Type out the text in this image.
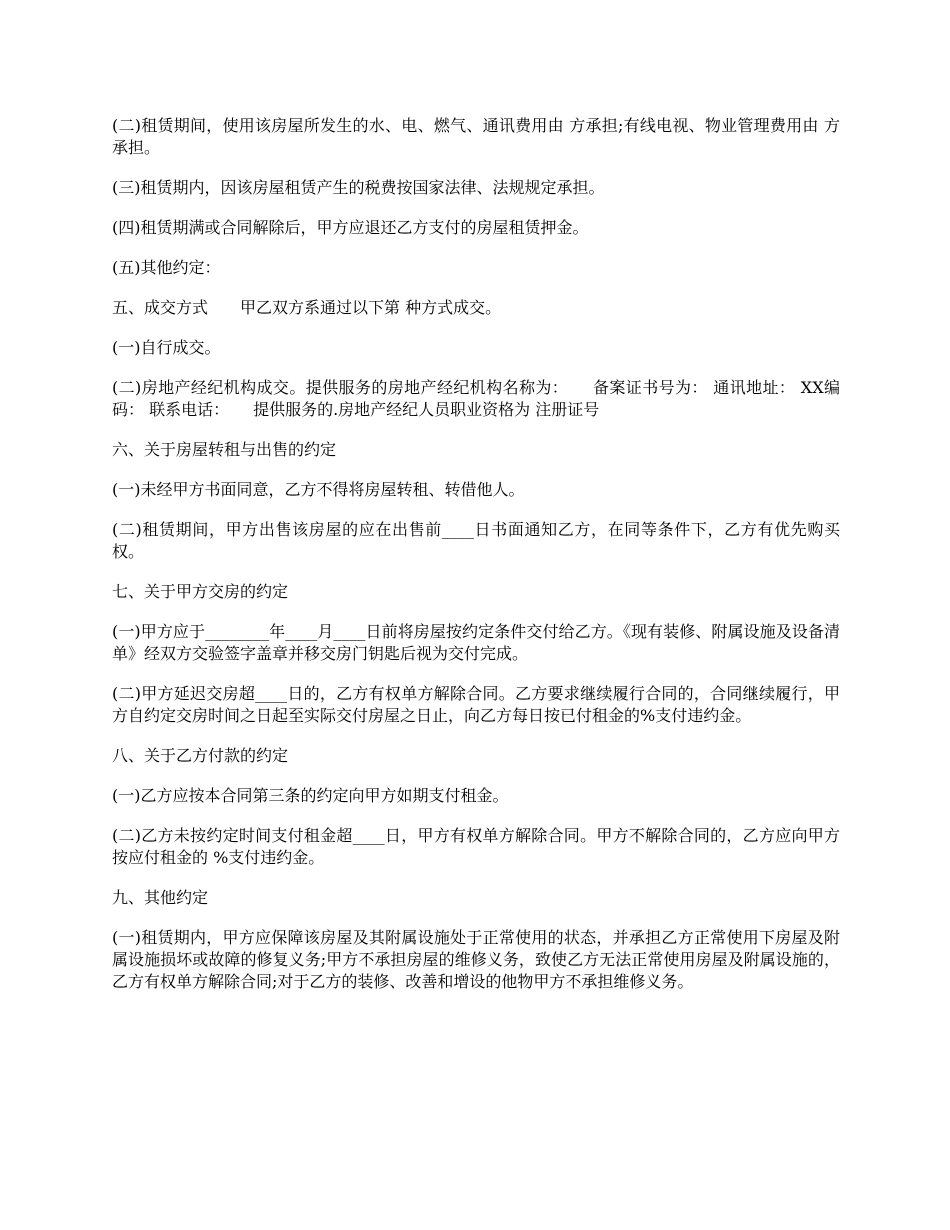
(二)租赁期间，使用该房屋所发生的水、电、燃气、通讯费用由 方承担;有线电视、物业管理费用由 方承担。

(三)租赁期内，因该房屋租赁产生的税费按国家法律、法规规定承担。

(四)租赁期满或合同解除后，甲方应退还乙方支付的房屋租赁押金。

(五)其他约定：

五、成交方式　　甲乙双方系通过以下第 种方式成交。

(一)自行成交。

(二)房地产经纪机构成交。提供服务的房地产经纪机构名称为：　　备案证书号为： 通讯地址： XX编码： 联系电话：　　提供服务的.房地产经纪人员职业资格为 注册证号

六、关于房屋转租与出售的约定

(一)未经甲方书面同意，乙方不得将房屋转租、转借他人。

(二)租赁期间，甲方出售该房屋的应在出售前____日书面通知乙方，在同等条件下，乙方有优先购买权。

七、关于甲方交房的约定

(一)甲方应于________年____月____日前将房屋按约定条件交付给乙方。《现有装修、附属设施及设备清单》经双方交验签字盖章并移交房门钥匙后视为交付完成。

(二)甲方延迟交房超____日的，乙方有权单方解除合同。乙方要求继续履行合同的，合同继续履行，甲方自约定交房时间之日起至实际交付房屋之日止，向乙方每日按已付租金的%支付违约金。

八、关于乙方付款的约定

(一)乙方应按本合同第三条的约定向甲方如期支付租金。

(二)乙方未按约定时间支付租金超____日，甲方有权单方解除合同。甲方不解除合同的，乙方应向甲方按应付租金的 %支付违约金。

九、其他约定

(一)租赁期内，甲方应保障该房屋及其附属设施处于正常使用的状态，并承担乙方正常使用下房屋及附属设施损坏或故障的修复义务;甲方不承担房屋的维修义务，致使乙方无法正常使用房屋及附属设施的，乙方有权单方解除合同;对于乙方的装修、改善和增设的他物甲方不承担维修义务。
